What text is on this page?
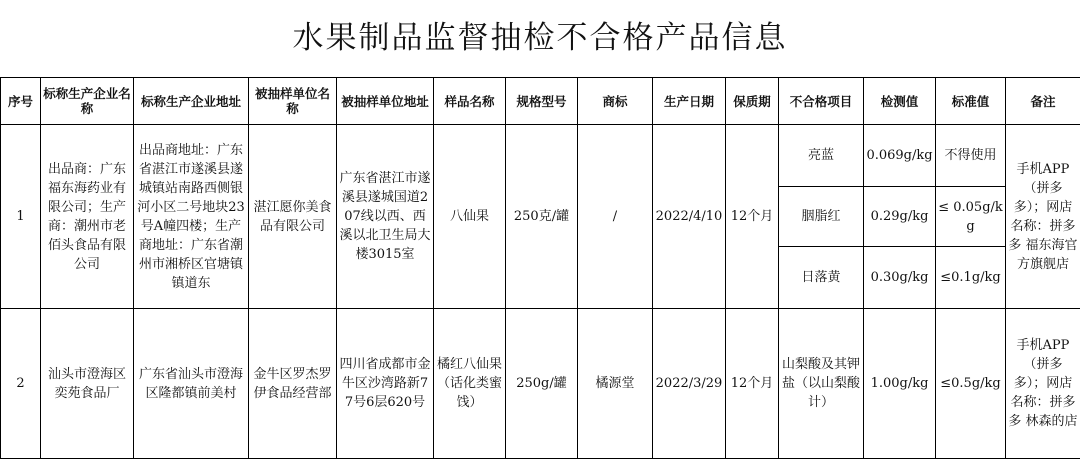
水果制品监督抽检不合格产品信息
序号	标称生产企业名称	标称生产企业地址	被抽样单位名称	被抽样单位地址	样品名称	规格型号	商标	生产日期	保质期	不合格项目	检测值	标准值	备注
1	出品商：广东福东海药业有限公司；生产商：潮州市老佰头食品有限公司	出品商地址：广东省湛江市遂溪县遂城镇站南路西侧银河小区二号地块23号A幢四楼；生产商地址：广东省潮州市湘桥区官塘镇镇道东	湛江愿你美食品有限公司	广东省湛江市遂溪县遂城国道207线以西、西溪以北卫生局大楼3015室	八仙果	250克/罐	/	2022/4/10	12个月	亮蓝	0.069g/kg	不得使用	手机APP（拼多多）；网店名称：拼多多 福东海官方旗舰店
										胭脂红	0.29g/kg	≤ 0.05g/kg	
										日落黄	0.30g/kg	≤0.1g/kg	
2	汕头市澄海区奕苑食品厂	广东省汕头市澄海区隆都镇前美村	金牛区罗杰罗伊食品经营部	四川省成都市金牛区沙湾路新77号6层620号	橘红八仙果（话化类蜜饯）	250g/罐	橘源堂	2022/3/29	12个月	山梨酸及其钾盐（以山梨酸计）	1.00g/kg	≤0.5g/kg	手机APP（拼多多）；网店名称：拼多多 林森的店
